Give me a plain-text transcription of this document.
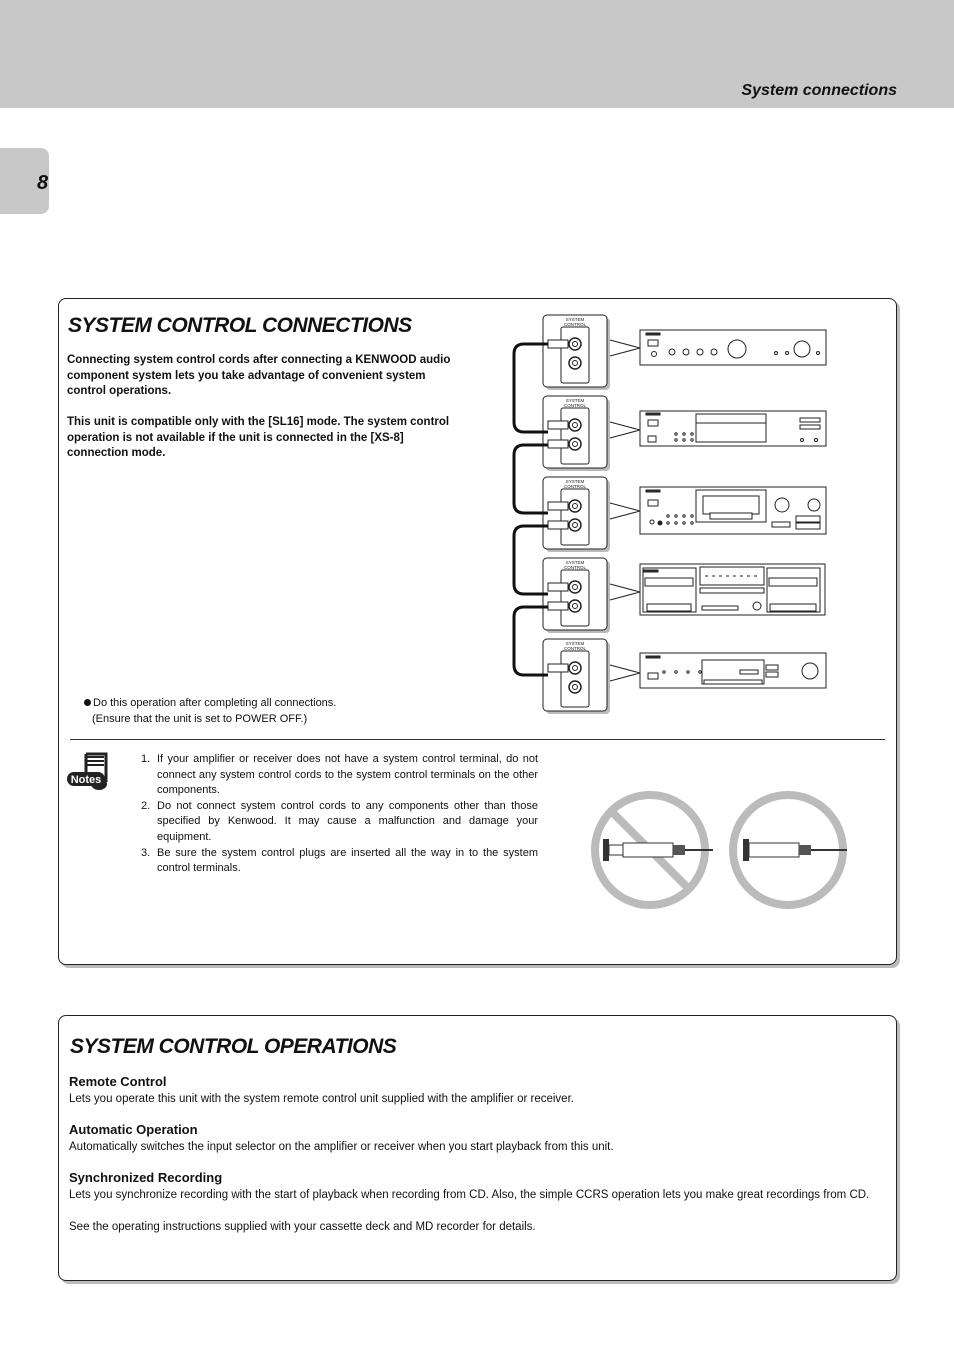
System connections
8
SYSTEM CONTROL CONNECTIONS
Connecting system control cords after connecting a KENWOOD audio component system lets you take advantage of convenient system control operations.
This unit is compatible only with the [SL16] mode. The system control operation is not available if the unit is connected in the [XS-8] connection mode.
SYSTEM
CONTROL
SYSTEM
CONTROL
SYSTEM
CONTROL
SYSTEM
CONTROL
SYSTEM
CONTROL
Do this operation after completing all connections.
(Ensure that the unit is set to POWER OFF.)
Notes
1. If your amplifier or receiver does not have a system control terminal, do not connect any system control cords to the system control terminals on the other components.
2. Do not connect system control cords to any components other than those specified by Kenwood. It may cause a malfunction and damage your equipment.
3. Be sure the system control plugs are inserted all the way in to the system control terminals.
SYSTEM CONTROL OPERATIONS
Remote Control
Lets you operate this unit with the system remote control unit supplied with the amplifier or receiver.
Automatic Operation
Automatically switches the input selector on the amplifier or receiver when you start playback from this unit.
Synchronized Recording
Lets you synchronize recording with the start of playback when recording from CD. Also, the simple CCRS operation lets you make great recordings from CD.
See the operating instructions supplied with your cassette deck and MD recorder for details.
